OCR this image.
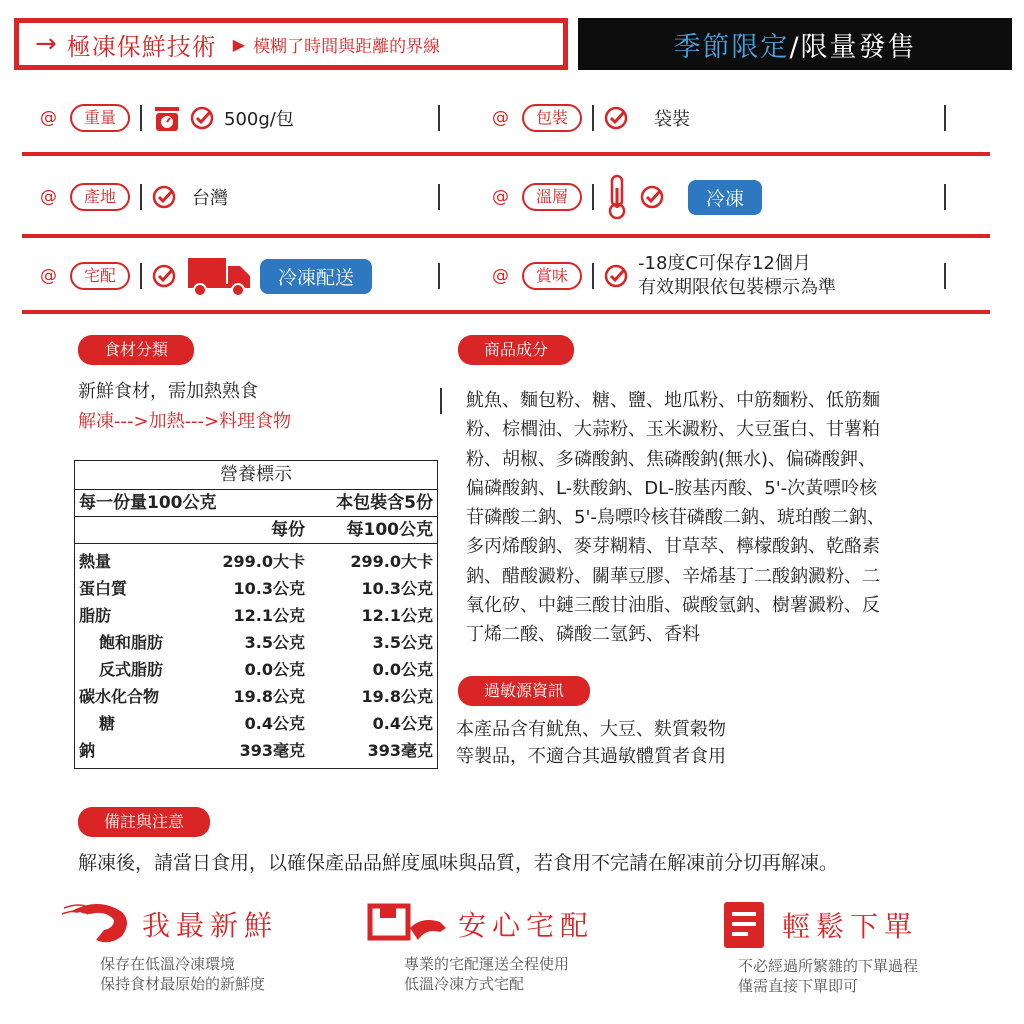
→ 極凍保鮮技術 ▶ 模糊了時間與距離的界線	季節限定 /限量發售
@	重量	500g/包	@	包裝	袋裝
@	產地	台灣	@	溫層	冷凍
@	宅配	冷凍配送	@	賞味
-18度C可保存12個月
有效期限依包裝標示為準
食材分類
新鮮食材，需加熱熟食
解凍--->加熱--->料理食物
營養標示
每一份量100公克	本包裝含5份
每份	每100公克
熱量	299.0大卡	299.0大卡
蛋白質	10.3公克	10.3公克
脂肪	12.1公克	12.1公克
飽和脂肪	3.5公克	3.5公克
反式脂肪	0.0公克	0.0公克
碳水化合物	19.8公克	19.8公克
糖	0.4公克	0.4公克
鈉	393毫克	393毫克
商品成分
魷魚、麵包粉、糖、鹽、地瓜粉、中筋麵粉、低筋麵
粉、棕櫚油、大蒜粉、玉米澱粉、大豆蛋白、甘薯粕
粉、胡椒、多磷酸鈉、焦磷酸鈉(無水)、偏磷酸鉀、
偏磷酸鈉、L-麩酸鈉、DL-胺基丙酸、5'-次黃嘌呤核
苷磷酸二鈉、5'-鳥嘌呤核苷磷酸二鈉、琥珀酸二鈉、
多丙烯酸鈉、麥芽糊精、甘草萃、檸檬酸鈉、乾酪素
鈉、醋酸澱粉、關華豆膠、辛烯基丁二酸鈉澱粉、二
氧化矽、中鏈三酸甘油脂、碳酸氫鈉、樹薯澱粉、反
丁烯二酸、磷酸二氫鈣、香料
過敏源資訊
本產品含有魷魚、大豆、麩質穀物
等製品，不適合其過敏體質者食用
備註與注意
解凍後，請當日食用，以確保產品品鮮度風味與品質，若食用不完請在解凍前分切再解凍。
我最新鮮
保存在低溫冷凍環境
保持食材最原始的新鮮度
安心宅配
專業的宅配運送全程使用
低溫冷凍方式宅配
輕鬆下單
不必經過所繁雜的下單過程
僅需直接下單即可
